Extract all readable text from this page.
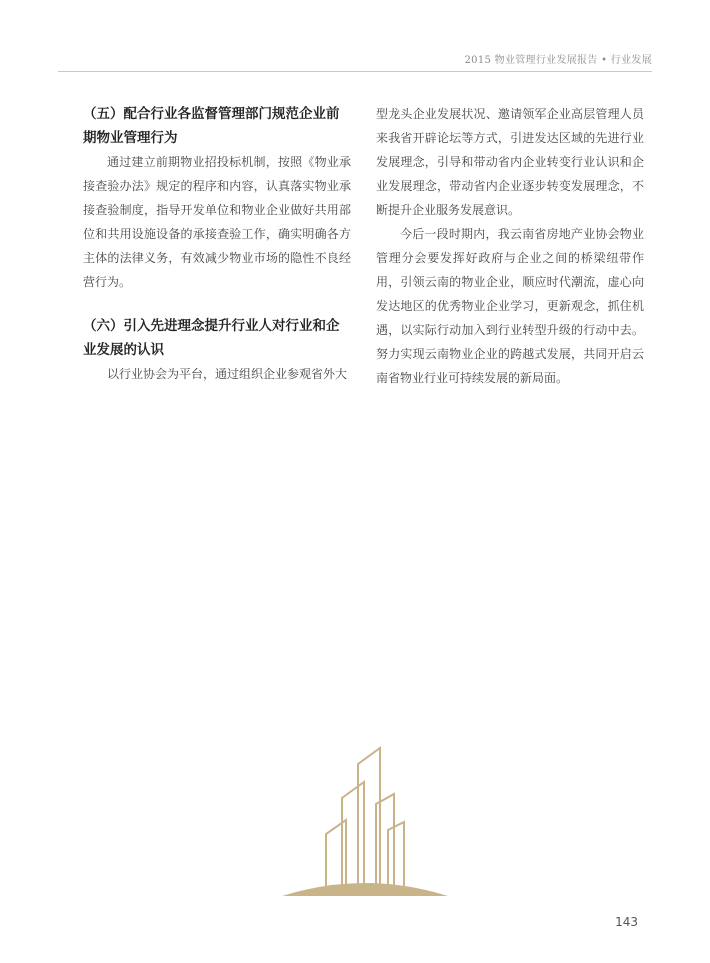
2015 物业管理行业发展报告 • 行业发展

（五）配合行业各监督管理部门规范企业前期物业管理行为

通过建立前期物业招投标机制，按照《物业承接查验办法》规定的程序和内容，认真落实物业承接查验制度，指导开发单位和物业企业做好共用部位和共用设施设备的承接查验工作，确实明确各方主体的法律义务，有效减少物业市场的隐性不良经营行为。

（六）引入先进理念提升行业人对行业和企业发展的认识

以行业协会为平台，通过组织企业参观省外大

型龙头企业发展状况、邀请领军企业高层管理人员来我省开辟论坛等方式，引进发达区域的先进行业发展理念，引导和带动省内企业转变行业认识和企业发展理念，带动省内企业逐步转变发展理念，不断提升企业服务发展意识。

今后一段时期内，我云南省房地产业协会物业管理分会要发挥好政府与企业之间的桥梁纽带作用，引领云南的物业企业，顺应时代潮流，虚心向发达地区的优秀物业企业学习，更新观念，抓住机遇，以实际行动加入到行业转型升级的行动中去。努力实现云南物业企业的跨越式发展，共同开启云南省物业行业可持续发展的新局面。

143
